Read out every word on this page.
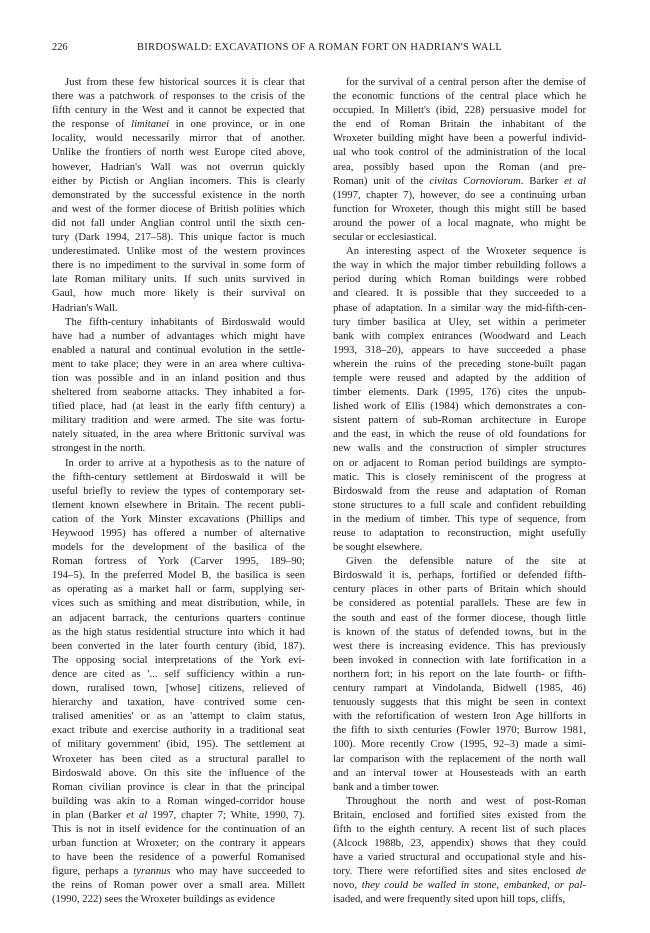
226	BIRDOSWALD: EXCAVATIONS OF A ROMAN FORT ON HADRIAN'S WALL
Just from these few historical sources it is clear that
there was a patchwork of responses to the crisis of the
fifth century in the West and it cannot be expected that
the response of limitanei in one province, or in one
locality, would necessarily mirror that of another.
Unlike the frontiers of north west Europe cited above,
however, Hadrian's Wall was not overrun quickly
either by Pictish or Anglian incomers. This is clearly
demonstrated by the successful existence in the north
and west of the former diocese of British polities which
did not fall under Anglian control until the sixth cen-
tury (Dark 1994, 217–58). This unique factor is much
underestimated. Unlike most of the western provinces
there is no impediment to the survival in some form of
late Roman military units. If such units survived in
Gaul, how much more likely is their survival on
Hadrian's Wall.
The fifth-century inhabitants of Birdoswald would
have had a number of advantages which might have
enabled a natural and continual evolution in the settle-
ment to take place; they were in an area where cultiva-
tion was possible and in an inland position and thus
sheltered from seaborne attacks. They inhabited a for-
tified place, had (at least in the early fifth century) a
military tradition and were armed. The site was fortu-
nately situated, in the area where Brittonic survival was
strongest in the north.
In order to arrive at a hypothesis as to the nature of
the fifth-century settlement at Birdoswald it will be
useful briefly to review the types of contemporary set-
tlement known elsewhere in Britain. The recent publi-
cation of the York Minster excavations (Phillips and
Heywood 1995) has offered a number of alternative
models for the development of the basilica of the
Roman fortress of York (Carver 1995, 189–90;
194–5). In the preferred Model B, the basilica is seen
as operating as a market hall or farm, supplying ser-
vices such as smithing and meat distribution, while, in
an adjacent barrack, the centurions quarters continue
as the high status residential structure into which it had
been converted in the later fourth century (ibid, 187).
The opposing social interpretations of the York evi-
dence are cited as '... self sufficiency within a run-
down, ruralised town, [whose] citizens, relieved of
hierarchy and taxation, have contrived some cen-
tralised amenities' or as an 'attempt to claim status,
exact tribute and exercise authority in a traditional seat
of military government' (ibid, 195). The settlement at
Wroxeter has been cited as a structural parallel to
Birdoswald above. On this site the influence of the
Roman civilian province is clear in that the principal
building was akin to a Roman winged-corridor house
in plan (Barker et al 1997, chapter 7; White, 1990, 7).
This is not in itself evidence for the continuation of an
urban function at Wroxeter; on the contrary it appears
to have been the residence of a powerful Romanised
figure, perhaps a tyrannus who may have succeeded to
the reins of Roman power over a small area. Millett
(1990, 222) sees the Wroxeter buildings as evidence
for the survival of a central person after the demise of
the economic functions of the central place which he
occupied. In Millett's (ibid, 228) persuasive model for
the end of Roman Britain the inhabitant of the
Wroxeter building might have been a powerful individ-
ual who took control of the administration of the local
area, possibly based upon the Roman (and pre-
Roman) unit of the civitas Cornoviorum. Barker et al
(1997, chapter 7), however, do see a continuing urban
function for Wroxeter, though this might still be based
around the power of a local magnate, who might be
secular or ecclesiastical.
An interesting aspect of the Wroxeter sequence is
the way in which the major timber rebuilding follows a
period during which Roman buildings were robbed
and cleared. It is possible that they succeeded to a
phase of adaptation. In a similar way the mid-fifth-cen-
tury timber basilica at Uley, set within a perimeter
bank with complex entrances (Woodward and Leach
1993, 318–20), appears to have succeeded a phase
wherein the ruins of the preceding stone-built pagan
temple were reused and adapted by the addition of
timber elements. Dark (1995, 176) cites the unpub-
lished work of Ellis (1984) which demonstrates a con-
sistent pattern of sub-Roman architecture in Europe
and the east, in which the reuse of old foundations for
new walls and the construction of simpler structures
on or adjacent to Roman period buildings are sympto-
matic. This is closely reminiscent of the progress at
Birdoswald from the reuse and adaptation of Roman
stone structures to a full scale and confident rebuilding
in the medium of timber. This type of sequence, from
reuse to adaptation to reconstruction, might usefully
be sought elsewhere.
Given the defensible nature of the site at
Birdoswald it is, perhaps, fortified or defended fifth-
century places in other parts of Britain which should
be considered as potential parallels. These are few in
the south and east of the former diocese, though little
is known of the status of defended towns, but in the
west there is increasing evidence. This has previously
been invoked in connection with late fortification in a
northern fort; in his report on the late fourth- or fifth-
century rampart at Vindolanda, Bidwell (1985, 46)
tenuously suggests that this might be seen in context
with the refortification of western Iron Age hillforts in
the fifth to sixth centuries (Fowler 1970; Burrow 1981,
100). More recently Crow (1995, 92–3) made a simi-
lar comparison with the replacement of the north wall
and an interval tower at Housesteads with an earth
bank and a timber tower.
Throughout the north and west of post-Roman
Britain, enclosed and fortified sites existed from the
fifth to the eighth century. A recent list of such places
(Alcock 1988b, 23, appendix) shows that they could
have a varied structural and occupational style and his-
tory. There were refortified sites and sites enclosed de
novo, they could be walled in stone, embanked, or pal-
isaded, and were frequently sited upon hill tops, cliffs,
